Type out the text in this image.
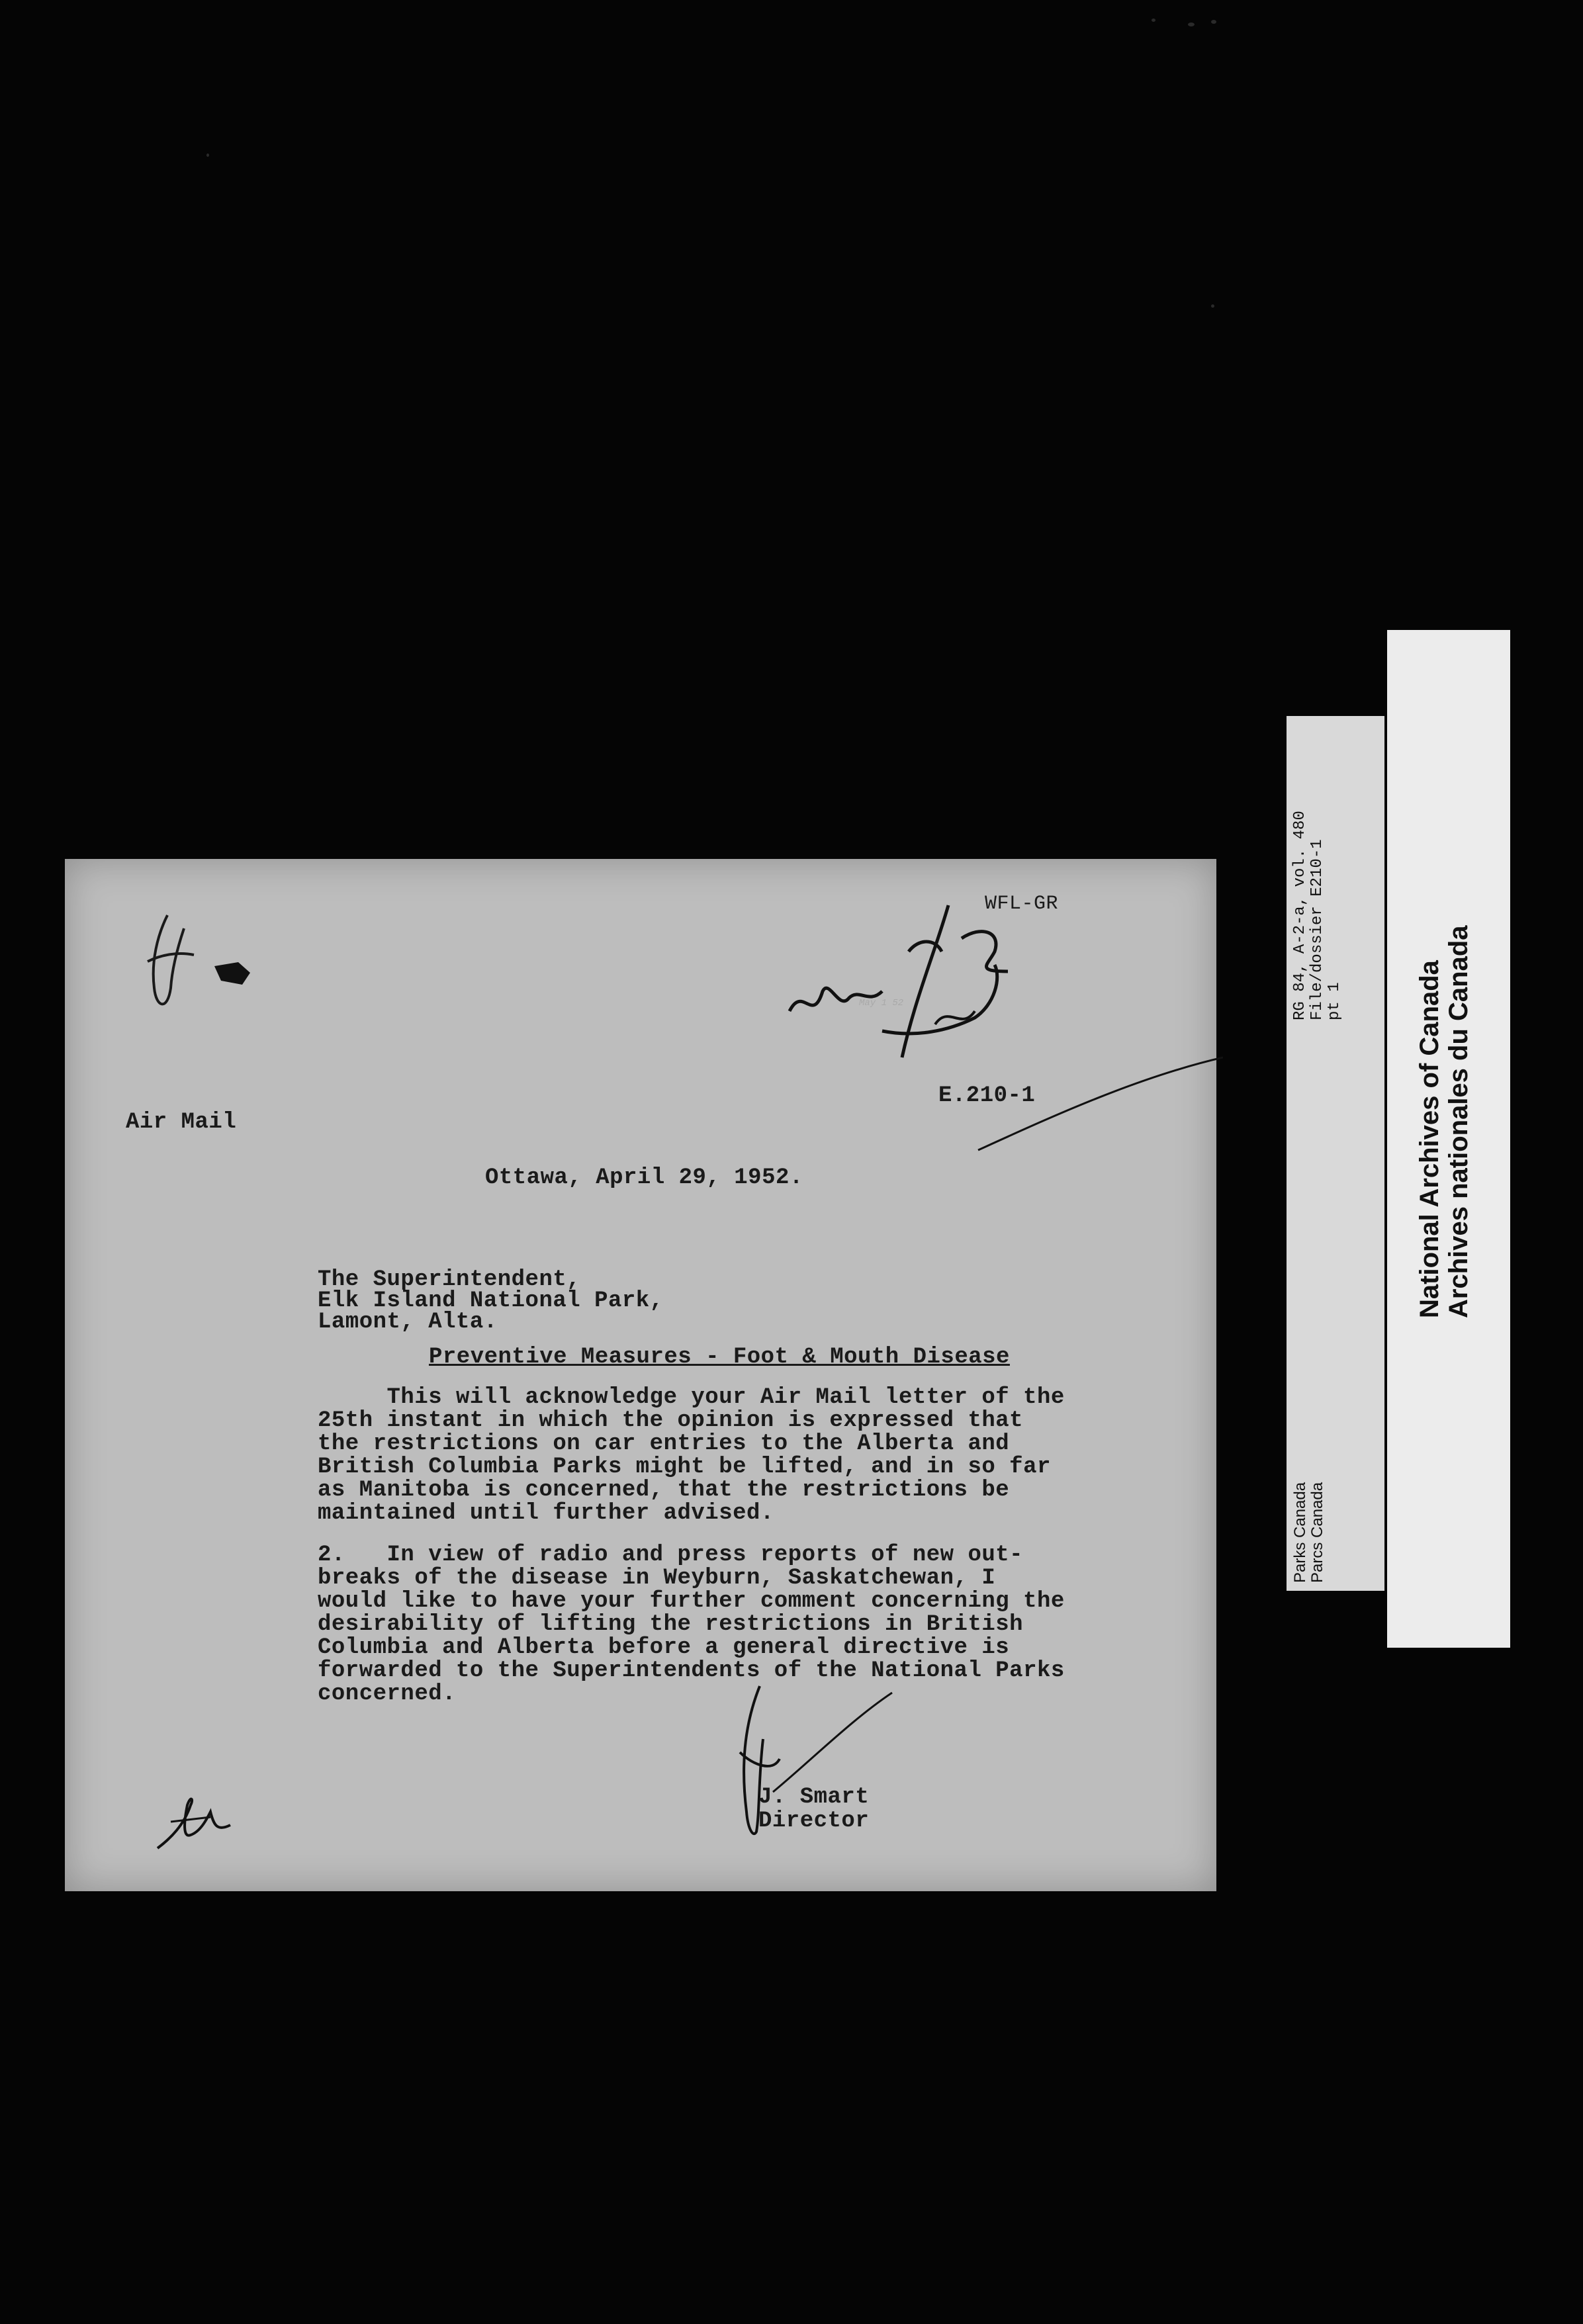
WFL-GR
May 1 52
E.210-1
Air Mail
Ottawa, April 29, 1952.
The Superintendent,
Elk Island National Park,
Lamont, Alta.
Preventive Measures - Foot & Mouth Disease
This will acknowledge your Air Mail letter of the
25th instant in which the opinion is expressed that
the restrictions on car entries to the Alberta and
British Columbia Parks might be lifted, and in so far
as Manitoba is concerned, that the restrictions be
maintained until further advised.
2.   In view of radio and press reports of new out-
breaks of the disease in Weyburn, Saskatchewan, I
would like to have your further comment concerning the
desirability of lifting the restrictions in British
Columbia and Alberta before a general directive is
forwarded to the Superintendents of the National Parks
concerned.
J. Smart
Director
RG 84, A-2-a, vol. 480 File/dossier E210-1 pt 1
Parks Canada Parcs Canada
National Archives of Canada Archives nationales du Canada
